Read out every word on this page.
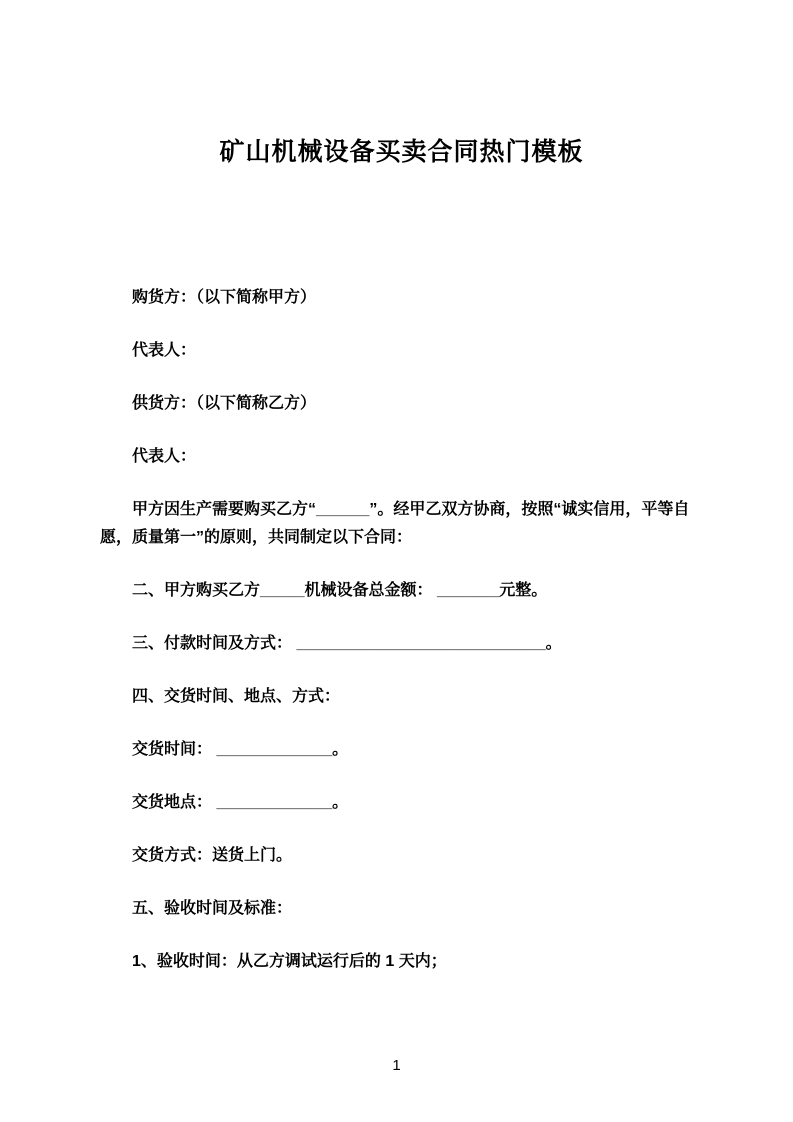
矿山机械设备买卖合同热门模板
购货方：（以下简称甲方）
代表人：
供货方：（以下简称乙方）
代表人：
甲方因生产需要购买乙方“______”。经甲乙双方协商，按照“诚实信用，平等自愿，质量第一”的原则，共同制定以下合同：
二、甲方购买乙方_____机械设备总金额： _______元整。
三、付款时间及方式： ____________________________。
四、交货时间、地点、方式：
交货时间： _____________。
交货地点： _____________。
交货方式：送货上门。
五、验收时间及标准：
1、验收时间：从乙方调试运行后的 1 天内；
1
